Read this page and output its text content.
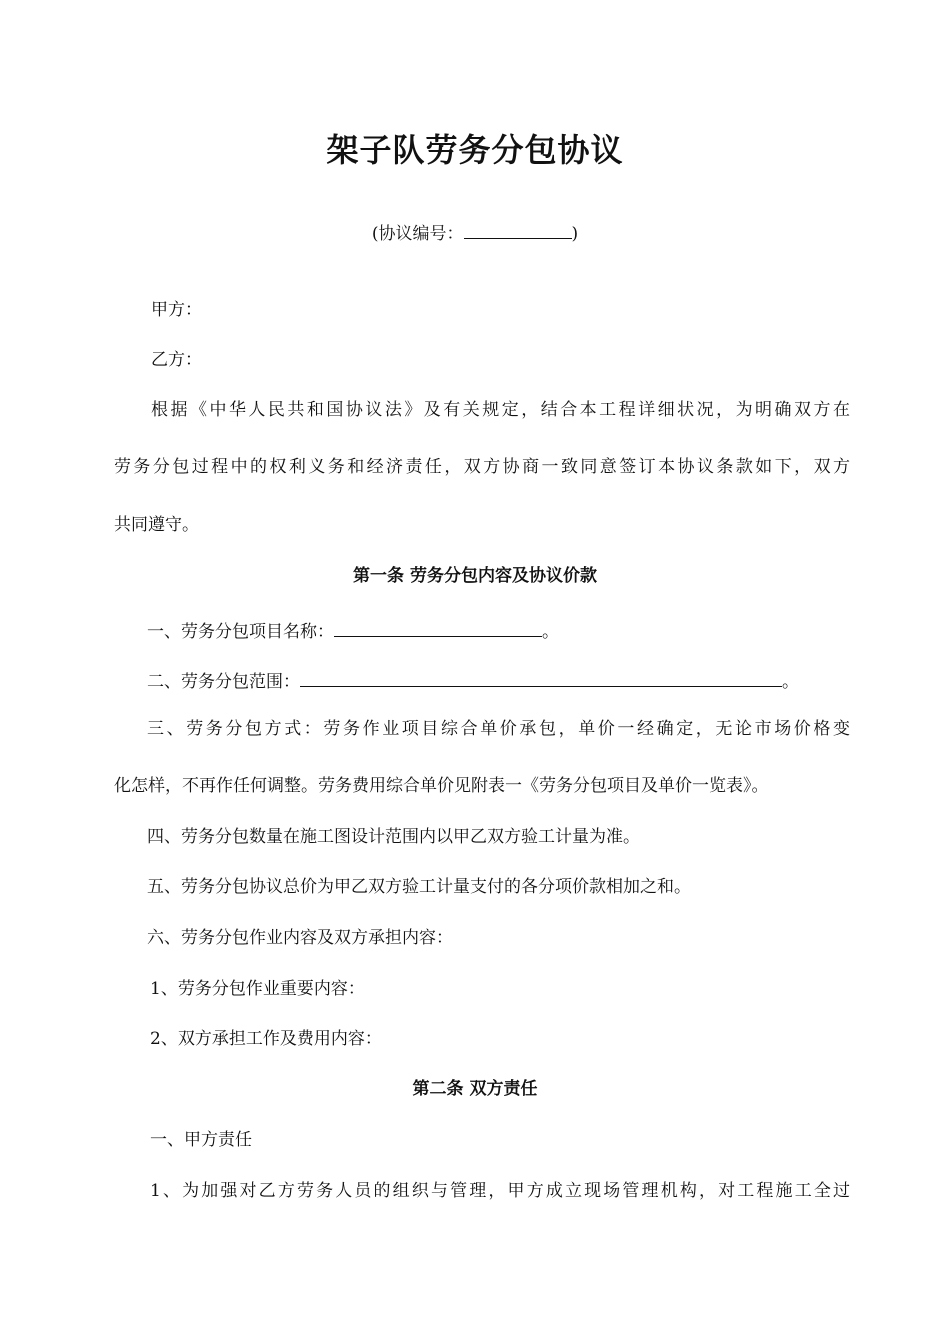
架子队劳务分包协议
(协议编号：	)
甲方：
乙方：
根据《中华人民共和国协议法》及有关规定，结合本工程详细状况，为明确双方在
劳务分包过程中的权利义务和经济责任，双方协商一致同意签订本协议条款如下，双方
共同遵守。
第一条 劳务分包内容及协议价款
一、劳务分包项目名称：	。
二、劳务分包范围：	。
三、劳务分包方式：劳务作业项目综合单价承包，单价一经确定，无论市场价格变
化怎样，不再作任何调整。劳务费用综合单价见附表一《劳务分包项目及单价一览表》。
四、劳务分包数量在施工图设计范围内以甲乙双方验工计量为准。
五、劳务分包协议总价为甲乙双方验工计量支付的各分项价款相加之和。
六、劳务分包作业内容及双方承担内容：
1、劳务分包作业重要内容：
2、双方承担工作及费用内容：
第二条 双方责任
一、甲方责任
1、为加强对乙方劳务人员的组织与管理，甲方成立现场管理机构，对工程施工全过
